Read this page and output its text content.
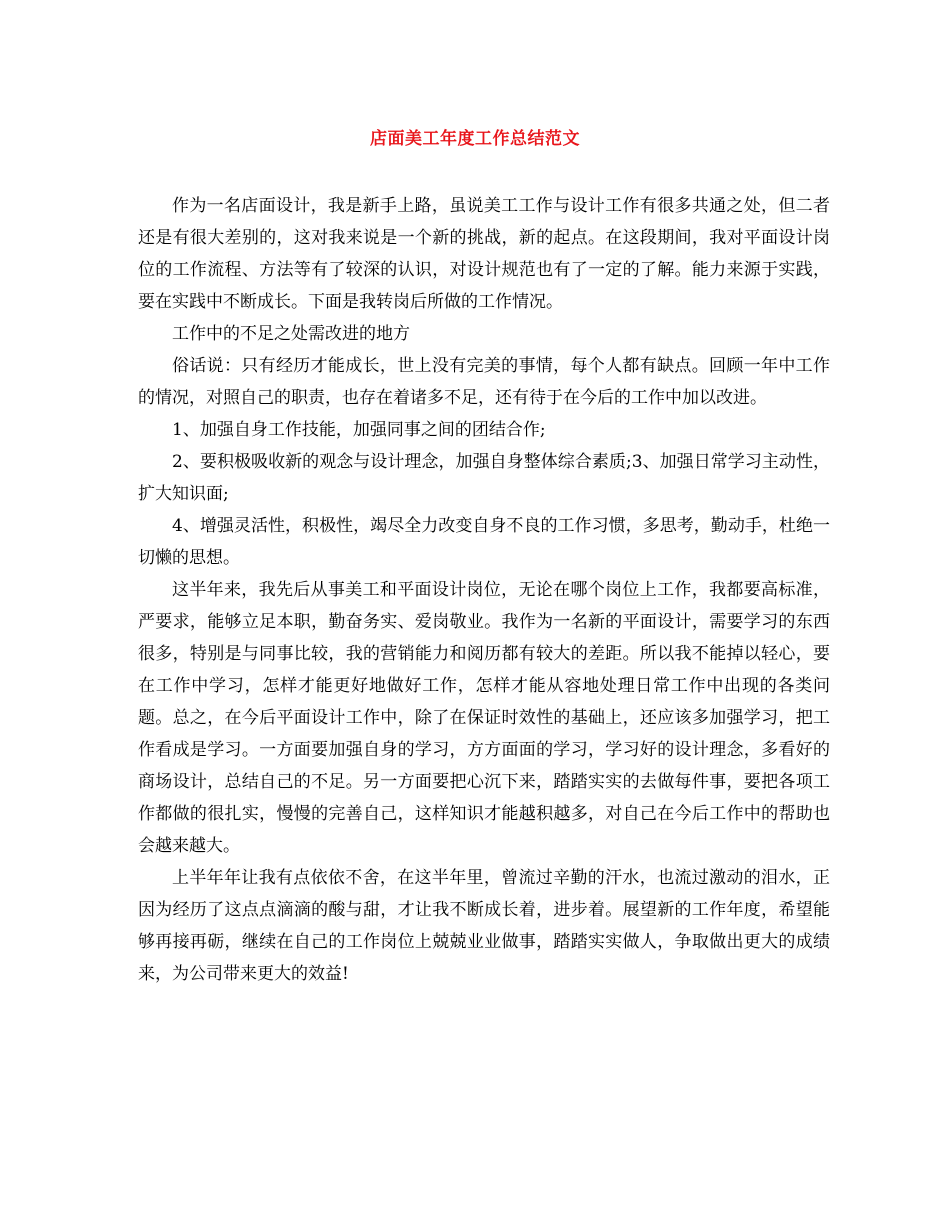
店面美工年度工作总结范文

作为一名店面设计，我是新手上路，虽说美工工作与设计工作有很多共通之处，但二者还是有很大差别的，这对我来说是一个新的挑战，新的起点。在这段期间，我对平面设计岗位的工作流程、方法等有了较深的认识，对设计规范也有了一定的了解。能力来源于实践，要在实践中不断成长。下面是我转岗后所做的工作情况。

工作中的不足之处需改进的地方

俗话说：只有经历才能成长，世上没有完美的事情，每个人都有缺点。回顾一年中工作的情况，对照自己的职责，也存在着诸多不足，还有待于在今后的工作中加以改进。

1、加强自身工作技能，加强同事之间的团结合作;

2、要积极吸收新的观念与设计理念，加强自身整体综合素质;3、加强日常学习主动性，扩大知识面;

4、增强灵活性，积极性，竭尽全力改变自身不良的工作习惯，多思考，勤动手，杜绝一切懒的思想。

这半年来，我先后从事美工和平面设计岗位，无论在哪个岗位上工作，我都要高标准，严要求，能够立足本职，勤奋务实、爱岗敬业。我作为一名新的平面设计，需要学习的东西很多，特别是与同事比较，我的营销能力和阅历都有较大的差距。所以我不能掉以轻心，要在工作中学习，怎样才能更好地做好工作，怎样才能从容地处理日常工作中出现的各类问题。总之，在今后平面设计工作中，除了在保证时效性的基础上，还应该多加强学习，把工作看成是学习。一方面要加强自身的学习，方方面面的学习，学习好的设计理念，多看好的商场设计，总结自己的不足。另一方面要把心沉下来，踏踏实实的去做每件事，要把各项工作都做的很扎实，慢慢的完善自己，这样知识才能越积越多，对自己在今后工作中的帮助也会越来越大。

上半年年让我有点依依不舍，在这半年里，曾流过辛勤的汗水，也流过激动的泪水，正因为经历了这点点滴滴的酸与甜，才让我不断成长着，进步着。展望新的工作年度，希望能够再接再砺，继续在自己的工作岗位上兢兢业业做事，踏踏实实做人，争取做出更大的成绩来，为公司带来更大的效益!
